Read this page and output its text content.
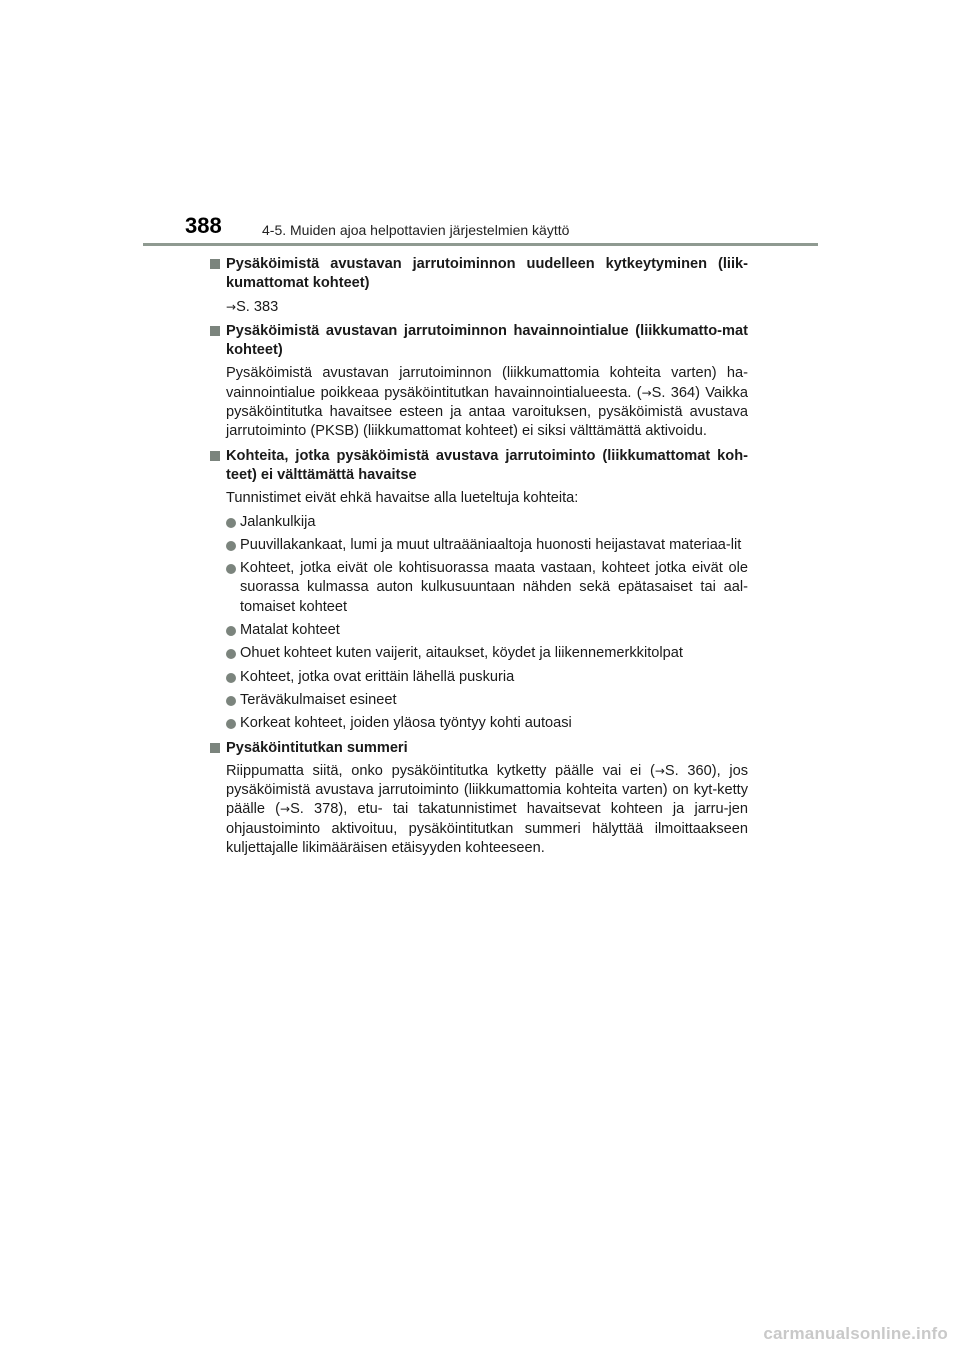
388	4-5. Muiden ajoa helpottavien järjestelmien käyttö
Pysäköimistä avustavan jarrutoiminnon uudelleen kytkeytyminen (liik-kumattomat kohteet)
→S. 383
Pysäköimistä avustavan jarrutoiminnon havainnointialue (liikkumatto-mat kohteet)

Pysäköimistä avustavan jarrutoiminnon (liikkumattomia kohteita varten) ha-vainnointialue poikkeaa pysäköintitutkan havainnointialueesta. (→S. 364) Vaikka pysäköintitutka havaitsee esteen ja antaa varoituksen, pysäköimistä avustava jarrutoiminto (PKSB) (liikkumattomat kohteet) ei siksi välttämättä aktivoidu.

Kohteita, jotka pysäköimistä avustava jarrutoiminto (liikkumattomat koh-teet) ei välttämättä havaitse
Tunnistimet eivät ehkä havaitse alla lueteltuja kohteita:
Jalankulkija
Puuvillakankaat, lumi ja muut ultraääniaaltoja huonosti heijastavat materiaa-lit
Kohteet, jotka eivät ole kohtisuorassa maata vastaan, kohteet jotka eivät ole suorassa kulmassa auton kulkusuuntaan nähden sekä epätasaiset tai aal-tomaiset kohteet
Matalat kohteet
Ohuet kohteet kuten vaijerit, aitaukset, köydet ja liikennemerkkitolpat
Kohteet, jotka ovat erittäin lähellä puskuria
Teräväkulmaiset esineet
Korkeat kohteet, joiden yläosa työntyy kohti autoasi
Pysäköintitutkan summeri

Riippumatta siitä, onko pysäköintitutka kytketty päälle vai ei (→S. 360), jos pysäköimistä avustava jarrutoiminto (liikkumattomia kohteita varten) on kyt-ketty päälle (→S. 378), etu- tai takatunnistimet havaitsevat kohteen ja jarru-jen ohjaustoiminto aktivoituu, pysäköintitutkan summeri hälyttää ilmoittaakseen kuljettajalle likimääräisen etäisyyden kohteeseen.

carmanualsonline.info
